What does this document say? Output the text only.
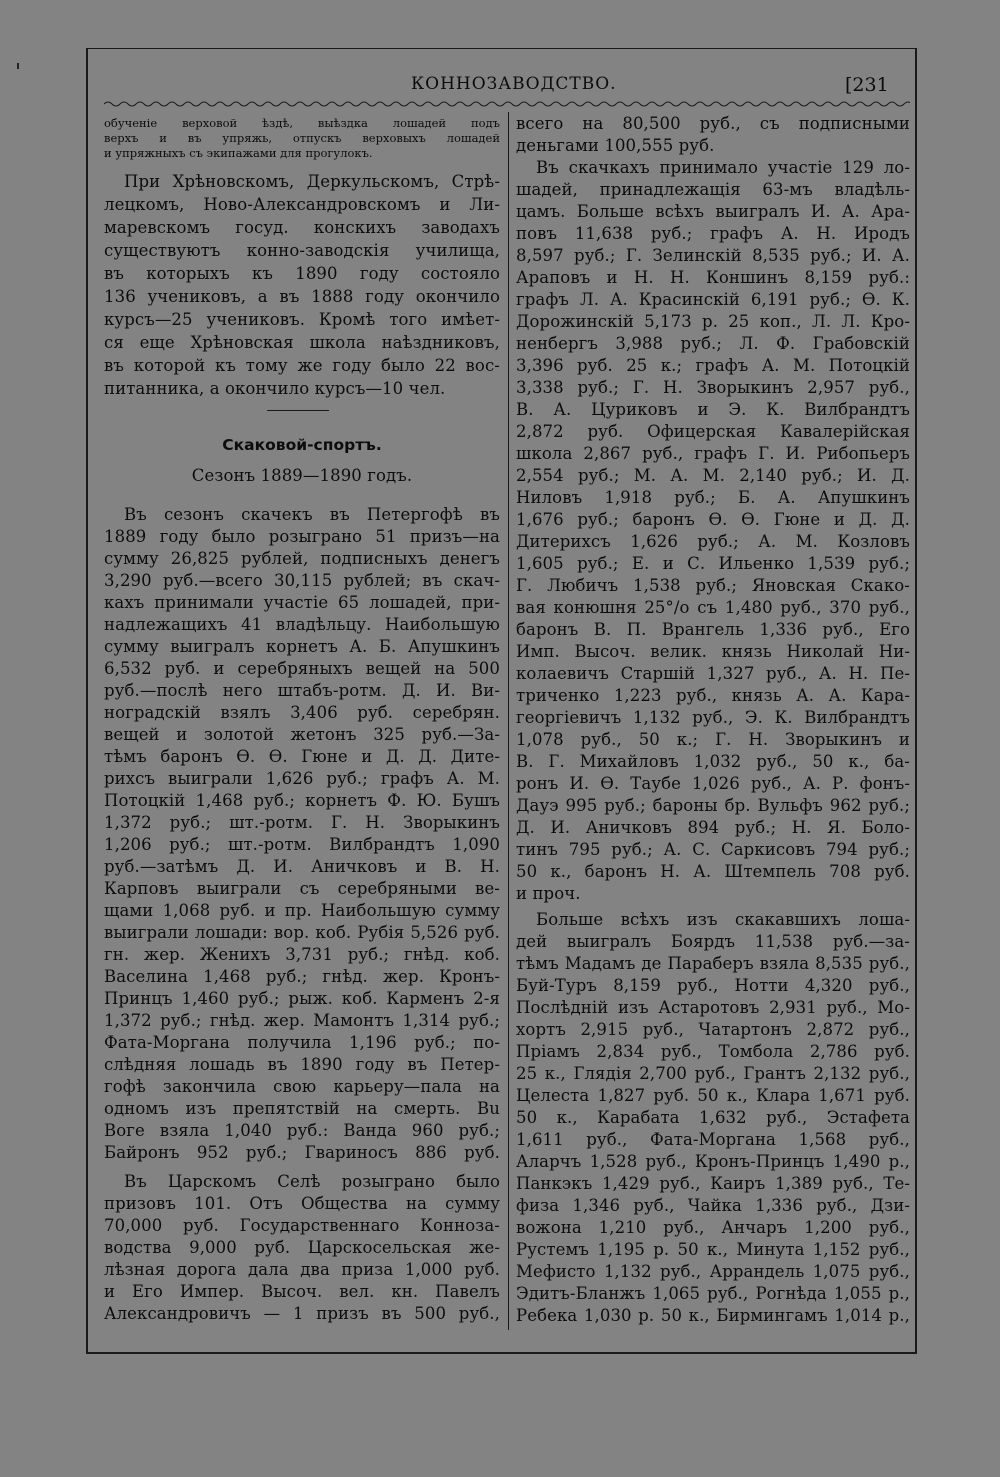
КОННОЗАВОДСТВО.	[231
обученіе верховой ѣздѣ, выѣздка лошадей подъ
верхъ и въ упряжь, отпускъ верховыхъ лошадей
и упряжныхъ съ экипажами для прогулокъ.
При Хрѣновскомъ, Деркульскомъ, Стрѣ-
лецкомъ, Ново-Александровскомъ и Ли-
маревскомъ госуд. конскихъ заводахъ
существуютъ конно-заводскія училища,
въ которыхъ къ 1890 году состояло
136 учениковъ, а въ 1888 году окончило
курсъ—25 учениковъ. Кромѣ того имѣет-
ся еще Хрѣновская школа наѣздниковъ,
въ которой къ тому же году было 22 вос-
питанника, а окончило курсъ—10 чел.
Скаковой-спортъ.
Сезонъ 1889—1890 годъ.
Въ сезонъ скачекъ въ Петергофѣ въ
1889 году было розыграно 51 призъ—на
сумму 26,825 рублей, подписныхъ денегъ
3,290 руб.—всего 30,115 рублей; въ скач-
кахъ принимали участіе 65 лошадей, при-
надлежащихъ 41 владѣльцу. Наибольшую
сумму выигралъ корнетъ А. Б. Апушкинъ
6,532 руб. и серебряныхъ вещей на 500
руб.—послѣ него штабъ-ротм. Д. И. Ви-
ноградскій взялъ 3,406 руб. серебрян.
вещей и золотой жетонъ 325 руб.—За-
тѣмъ баронъ Ѳ. Ѳ. Гюне и Д. Д. Дите-
рихсъ выиграли 1,626 руб.; графъ А. М.
Потоцкій 1,468 руб.; корнетъ Ф. Ю. Бушъ
1,372 руб.; шт.-ротм. Г. Н. Зворыкинъ
1,206 руб.; шт.-ротм. Вилбрандтъ 1,090
руб.—затѣмъ Д. И. Аничковъ и В. Н.
Карповъ выиграли съ серебряными ве-
щами 1,068 руб. и пр. Наибольшую сумму
выиграли лошади: вор. коб. Рубія 5,526 руб.
гн. жер. Женихъ 3,731 руб.; гнѣд. коб.
Васелина 1,468 руб.; гнѣд. жер. Кронъ-
Принцъ 1,460 руб.; рыж. коб. Карменъ 2-я
1,372 руб.; гнѣд. жер. Мамонтъ 1,314 руб.;
Фата-Моргана получила 1,196 руб.; по-
слѣдняя лошадь въ 1890 году въ Петер-
гофѣ закончила свою карьеру—пала на
одномъ изъ препятствій на смерть. Bu
Boге взяла 1,040 руб.: Ванда 960 руб.;
Байронъ 952 руб.; Гвариносъ 886 руб.
Въ Царскомъ Селѣ розыграно было
призовъ 101. Отъ Общества на сумму
70,000 руб. Государственнаго Конноза-
водства 9,000 руб. Царскосельская же-
лѣзная дорога дала два приза 1,000 руб.
и Его Импер. Высоч. вел. кн. Павелъ
Александровичъ — 1 призъ въ 500 руб.,
всего на 80,500 руб., съ подписными
деньгами 100,555 руб.
Въ скачкахъ принимало участіе 129 ло-
шадей, принадлежащія 63-мъ владѣль-
цамъ. Больше всѣхъ выигралъ И. А. Ара-
повъ 11,638 руб.; графъ А. Н. Иродъ
8,597 руб.; Г. Зелинскій 8,535 руб.; И. А.
Араповъ и Н. Н. Коншинъ 8,159 руб.:
графъ Л. А. Красинскій 6,191 руб.; Ѳ. К.
Дорожинскій 5,173 р. 25 коп., Л. Л. Кро-
ненбергъ 3,988 руб.; Л. Ф. Грабовскій
3,396 руб. 25 к.; графъ А. М. Потоцкій
3,338 руб.; Г. Н. Зворыкинъ 2,957 руб.,
В. А. Цуриковъ и Э. К. Вилбрандтъ
2,872 руб. Офицерская Кавалерійская
школа 2,867 руб., графъ Г. И. Рибопьеръ
2,554 руб.; М. А. М. 2,140 руб.; И. Д.
Ниловъ 1,918 руб.; Б. А. Апушкинъ
1,676 руб.; баронъ Ѳ. Ѳ. Гюне и Д. Д.
Дитерихсъ 1,626 руб.; А. М. Козловъ
1,605 руб.; Е. и С. Ильенко 1,539 руб.;
Г. Любичъ 1,538 руб.; Яновская Скако-
вая конюшня 25°/о съ 1,480 руб., 370 руб.,
баронъ В. П. Врангель 1,336 руб., Его
Имп. Высоч. велик. князь Николай Ни-
колаевичъ Старшій 1,327 руб., А. Н. Пе-
триченко 1,223 руб., князь А. А. Кара-
георгіевичъ 1,132 руб., Э. К. Вилбрандтъ
1,078 руб., 50 к.; Г. Н. Зворыкинъ и
В. Г. Михайловъ 1,032 руб., 50 к., ба-
ронъ И. Ѳ. Таубе 1,026 руб., А. Р. фонъ-
Дауэ 995 руб.; бароны бр. Вульфъ 962 руб.;
Д. И. Аничковъ 894 руб.; Н. Я. Боло-
тинъ 795 руб.; А. С. Саркисовъ 794 руб.;
50 к., баронъ Н. А. Штемпель 708 руб.
и проч.
Больше всѣхъ изъ скакавшихъ лоша-
дей выигралъ Боярдъ 11,538 руб.—за-
тѣмъ Мадамъ де Параберъ взяла 8,535 руб.,
Буй-Туръ 8,159 руб., Нотти 4,320 руб.,
Послѣдній изъ Астаротовъ 2,931 руб., Мо-
хортъ 2,915 руб., Чатартонъ 2,872 руб.,
Пріамъ 2,834 руб., Томбола 2,786 руб.
25 к., Глядія 2,700 руб., Грантъ 2,132 руб.,
Целеста 1,827 руб. 50 к., Клара 1,671 руб.
50 к., Карабата 1,632 руб., Эстафета
1,611 руб., Фата-Моргана 1,568 руб.,
Аларчъ 1,528 руб., Кронъ-Принцъ 1,490 р.,
Панкэкъ 1,429 руб., Каиръ 1,389 руб., Те-
физа 1,346 руб., Чайка 1,336 руб., Дзи-
вожона 1,210 руб., Анчаръ 1,200 руб.,
Рустемъ 1,195 р. 50 к., Минута 1,152 руб.,
Мефисто 1,132 руб., Аррандель 1,075 руб.,
Эдитъ-Бланжъ 1,065 руб., Рогнѣда 1,055 р.,
Ребека 1,030 р. 50 к., Бирмингамъ 1,014 р.,
